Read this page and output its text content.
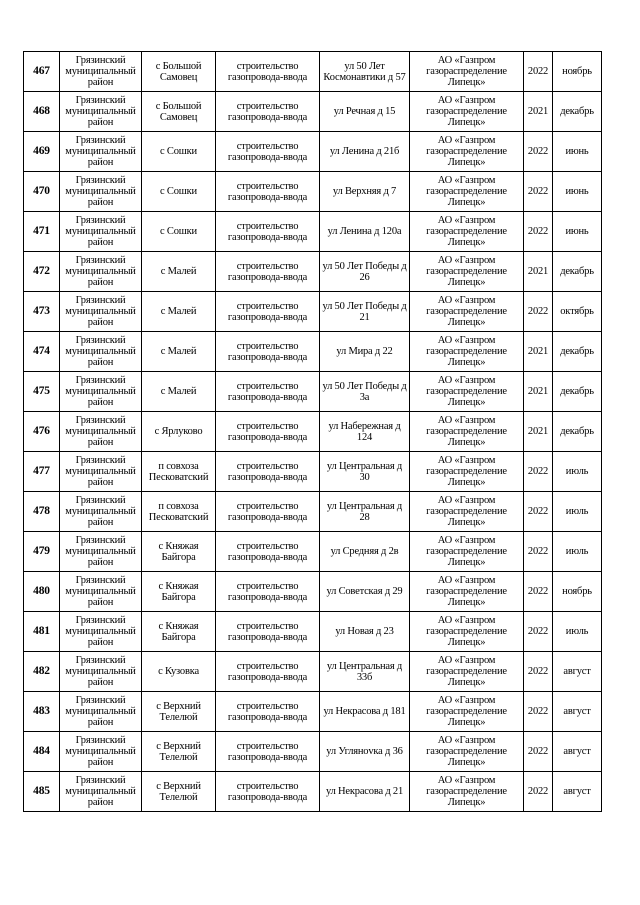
467	Грязинский муниципальный район	с Большой Самовец	строительство газопровода-ввода	ул 50 Лет Космонавтики д 57	АО «Газпром газораспределение Липецк»	2022	ноябрь
468	Грязинский муниципальный район	с Большой Самовец	строительство газопровода-ввода	ул Речная д 15	АО «Газпром газораспределение Липецк»	2021	декабрь
469	Грязинский муниципальный район	с Сошки	строительство газопровода-ввода	ул Ленина д 21б	АО «Газпром газораспределение Липецк»	2022	июнь
470	Грязинский муниципальный район	с Сошки	строительство газопровода-ввода	ул Верхняя д 7	АО «Газпром газораспределение Липецк»	2022	июнь
471	Грязинский муниципальный район	с Сошки	строительство газопровода-ввода	ул Ленина д 120а	АО «Газпром газораспределение Липецк»	2022	июнь
472	Грязинский муниципальный район	с Малей	строительство газопровода-ввода	ул 50 Лет Победы д 26	АО «Газпром газораспределение Липецк»	2021	декабрь
473	Грязинский муниципальный район	с Малей	строительство газопровода-ввода	ул 50 Лет Победы д 21	АО «Газпром газораспределение Липецк»	2022	октябрь
474	Грязинский муниципальный район	с Малей	строительство газопровода-ввода	ул Мира д 22	АО «Газпром газораспределение Липецк»	2021	декабрь
475	Грязинский муниципальный район	с Малей	строительство газопровода-ввода	ул 50 Лет Победы д 3а	АО «Газпром газораспределение Липецк»	2021	декабрь
476	Грязинский муниципальный район	с Ярлуково	строительство газопровода-ввода	ул Набережная д 124	АО «Газпром газораспределение Липецк»	2021	декабрь
477	Грязинский муниципальный район	п совхоза Песковатский	строительство газопровода-ввода	ул Центральная д 30	АО «Газпром газораспределение Липецк»	2022	июль
478	Грязинский муниципальный район	п совхоза Песковатский	строительство газопровода-ввода	ул Центральная д 28	АО «Газпром газораспределение Липецк»	2022	июль
479	Грязинский муниципальный район	с Княжая Байгора	строительство газопровода-ввода	ул Средняя д 2в	АО «Газпром газораспределение Липецк»	2022	июль
480	Грязинский муниципальный район	с Княжая Байгора	строительство газопровода-ввода	ул Советская д 29	АО «Газпром газораспределение Липецк»	2022	ноябрь
481	Грязинский муниципальный район	с Княжая Байгора	строительство газопровода-ввода	ул Новая д 23	АО «Газпром газораспределение Липецк»	2022	июль
482	Грязинский муниципальный район	с Кузовка	строительство газопровода-ввода	ул Центральная д 33б	АО «Газпром газораспределение Липецк»	2022	август
483	Грязинский муниципальный район	с Верхний Телелюй	строительство газопровода-ввода	ул Некрасова д 181	АО «Газпром газораспределение Липецк»	2022	август
484	Грязинский муниципальный район	с Верхний Телелюй	строительство газопровода-ввода	ул Углянovка д 36	АО «Газпром газораспределение Липецк»	2022	август
485	Грязинский муниципальный район	с Верхний Телелюй	строительство газопровода-ввода	ул Некрасова д 21	АО «Газпром газораспределение Липецк»	2022	август
